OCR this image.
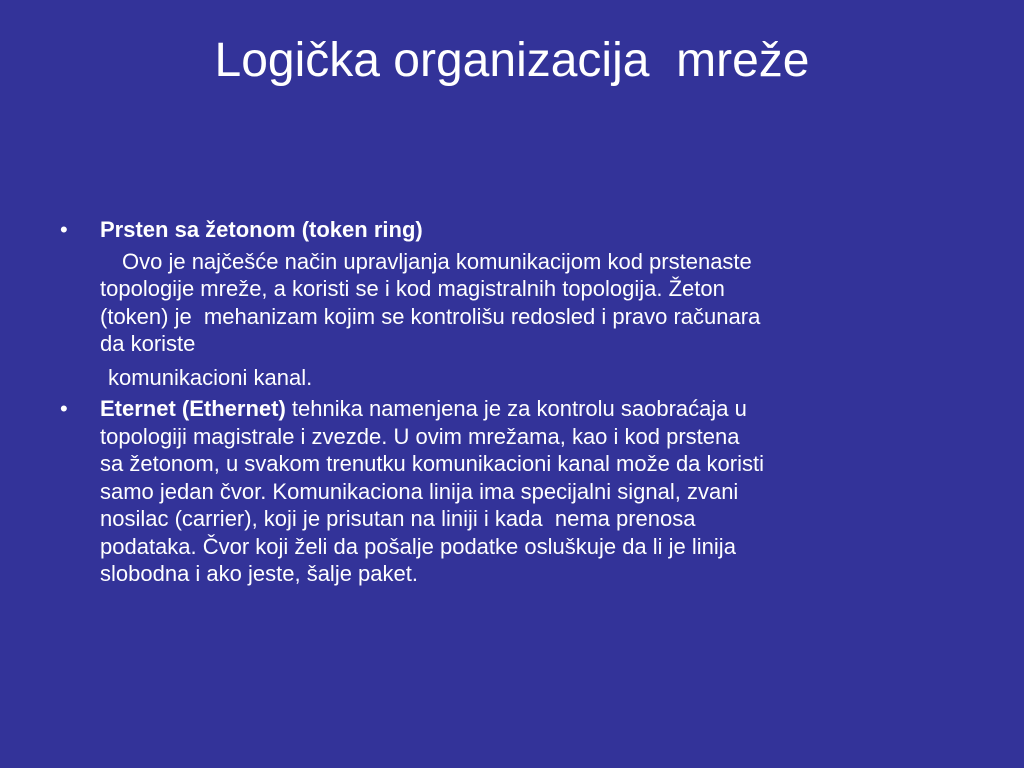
Logička organizacija  mreže
•	Prsten sa žetonom (token ring)
Ovo je najčešće način upravljanja komunikacijom kod prstenaste
topologije mreže, a koristi se i kod magistralnih topologija. Žeton
(token) je  mehanizam kojim se kontrolišu redosled i pravo računara
da koriste
komunikacioni kanal.
•	Eternet (Ethernet) tehnika namenjena je za kontrolu saobraćaja u
topologiji magistrale i zvezde. U ovim mrežama, kao i kod prstena
sa žetonom, u svakom trenutku komunikacioni kanal može da koristi
samo jedan čvor. Komunikaciona linija ima specijalni signal, zvani
nosilac (carrier), koji je prisutan na liniji i kada  nema prenosa
podataka. Čvor koji želi da pošalje podatke osluškuje da li je linija
slobodna i ako jeste, šalje paket.
